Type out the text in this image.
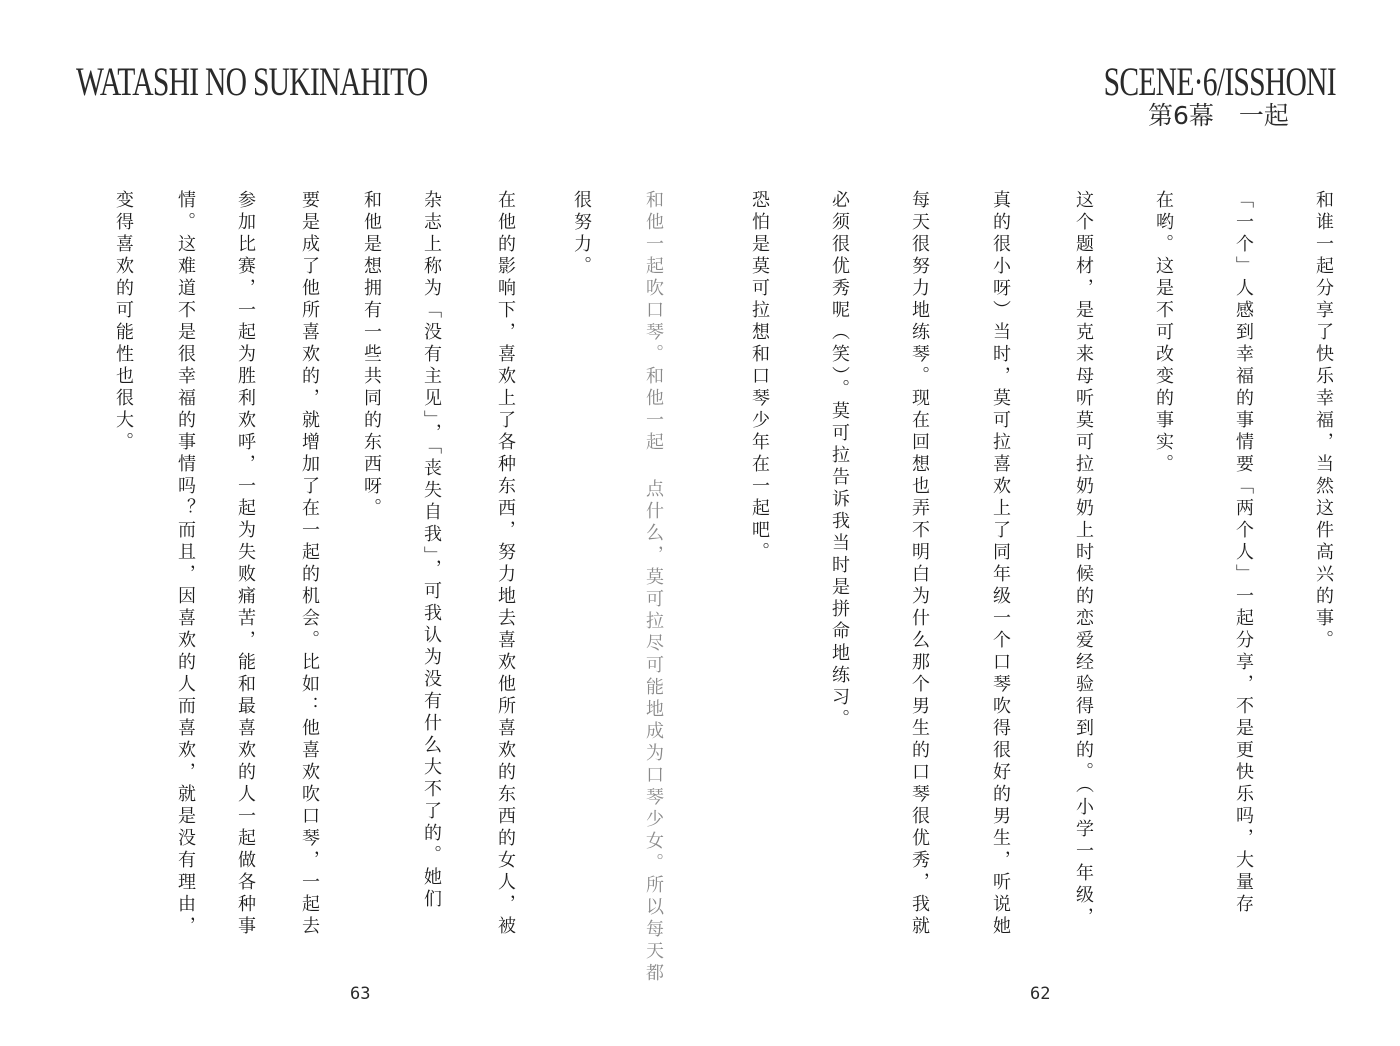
WATASHI NO SUKINAHITO	SCENE·6/ISSHONI
第6幕　一起
和谁一起分享了快乐幸福，当然这件高兴的事。
「一个」人感到幸福的事情要「两个人」一起分享，不是更快乐吗，大量存
在哟。这是不可改变的事实。
这个题材，是克来母听莫可拉奶奶上时候的恋爱经验得到的。（小学一年级，
真的很小呀）当时，莫可拉喜欢上了同年级一个口琴吹得很好的男生，听说她
每天很努力地练琴。现在回想也弄不明白为什么那个男生的口琴很优秀，我就
必须很优秀呢（笑）。莫可拉告诉我当时是拼命地练习。
恐怕是莫可拉想和口琴少年在一起吧。
和他一起吹口琴。和他一起 点什么，莫可拉尽可能地成为口琴少女。所以每天都
很努力。
在他的影响下，喜欢上了各种东西，努力地去喜欢他所喜欢的东西的女人，被
杂志上称为「没有主见」，「丧失自我」，可我认为没有什么大不了的。她们
和他是想拥有一些共同的东西呀。
要是成了他所喜欢的，就增加了在一起的机会。比如：他喜欢吹口琴，一起去
参加比赛，一起为胜利欢呼，一起为失败痛苦，能和最喜欢的人一起做各种事
情。这难道不是很幸福的事情吗？而且，因喜欢的人而喜欢，就是没有理由，
变得喜欢的可能性也很大。
63	62
